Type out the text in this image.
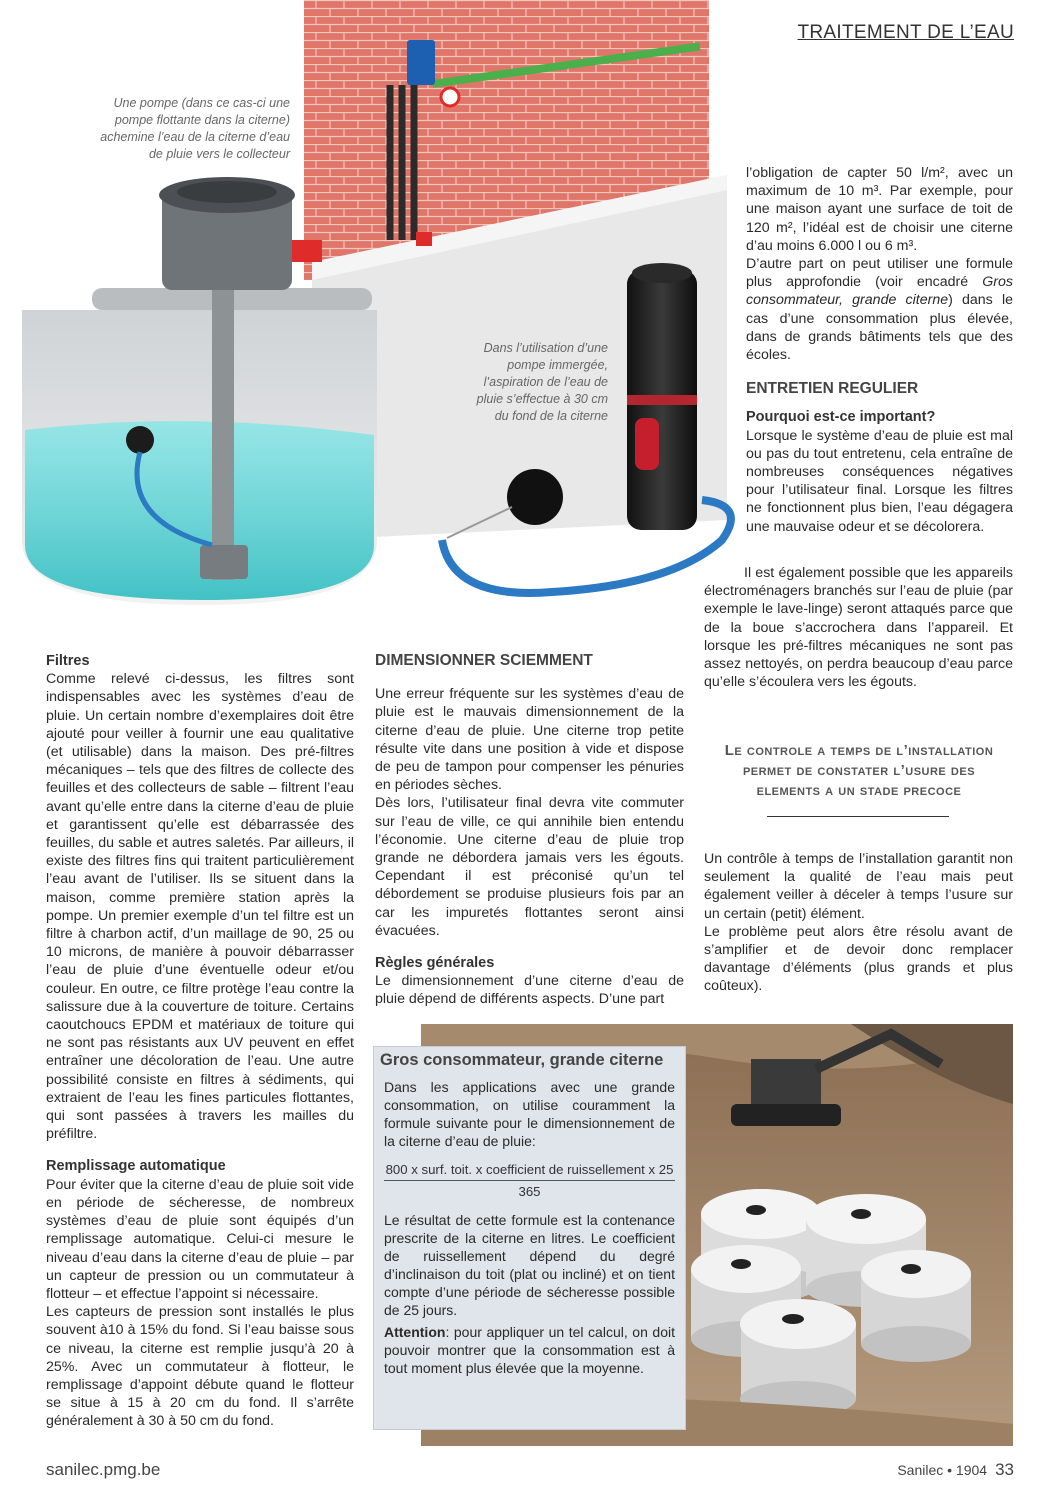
TRAITEMENT DE L’EAU
Une pompe (dans ce cas-ci une pompe flottante dans la citerne) achemine l’eau de la citerne d’eau de pluie vers le collecteur
Dans l’utilisation d’une pompe immergée, l’aspiration de l’eau de pluie s’effectue à 30 cm du fond de la citerne

l’obligation de capter 50 l/m², avec un maximum de 10 m³. Par exemple, pour une maison ayant une surface de toit de 120 m², l’idéal est de choisir une citerne d’au moins 6.000 l ou 6 m³.

D’autre part on peut utiliser une formule plus approfondie (voir encadré Gros consommateur, grande citerne) dans le cas d’une consommation plus élevée, dans de grands bâtiments tels que des écoles.

ENTRETIEN REGULIER
Pourquoi est-ce important?

Lorsque le système d’eau de pluie est mal ou pas du tout entretenu, cela entraîne de nombreuses conséquences négatives pour l’utilisateur final. Lorsque les filtres ne fonctionnent plus bien, l’eau dégagera une mauvaise odeur et se décolorera.

Il est également possible que les appareils électroménagers branchés sur l’eau de pluie (par exemple le lave-linge) seront attaqués parce que de la boue s’accrochera dans l’appareil. Et lorsque les pré-filtres mécaniques ne sont pas assez nettoyés, on perdra beaucoup d’eau parce qu’elle s’écoulera vers les égouts.

Le controle a temps de l’installation permet de constater l’usure des elements a un stade precoce

Un contrôle à temps de l’installation garantit non seulement la qualité de l’eau mais peut également veiller à déceler à temps l’usure sur un certain (petit) élément.

Le problème peut alors être résolu avant de s’amplifier et de devoir donc remplacer davantage d’éléments (plus grands et plus coûteux).

Filtres

Comme relevé ci-dessus, les filtres sont indispensables avec les systèmes d’eau de pluie. Un certain nombre d’exemplaires doit être ajouté pour veiller à fournir une eau qualitative (et utilisable) dans la maison. Des pré-filtres mécaniques – tels que des filtres de collecte des feuilles et des collecteurs de sable – filtrent l’eau avant qu’elle entre dans la citerne d’eau de pluie et garantissent qu’elle est débarrassée des feuilles, du sable et autres saletés. Par ailleurs, il existe des filtres fins qui traitent particulièrement l’eau avant de l’utiliser. Ils se situent dans la maison, comme première station après la pompe. Un premier exemple d’un tel filtre est un filtre à charbon actif, d’un maillage de 90, 25 ou 10 microns, de manière à pouvoir débarrasser l’eau de pluie d’une éventuelle odeur et/ou couleur. En outre, ce filtre protège l’eau contre la salissure due à la couverture de toiture. Certains caoutchoucs EPDM et matériaux de toiture qui ne sont pas résistants aux UV peuvent en effet entraîner une décoloration de l’eau. Une autre possibilité consiste en filtres à sédiments, qui extraient de l’eau les fines particules flottantes, qui sont passées à travers les mailles du préfiltre.

Remplissage automatique

Pour éviter que la citerne d’eau de pluie soit vide en période de sécheresse, de nombreux systèmes d’eau de pluie sont équipés d’un remplissage automatique. Celui-ci mesure le niveau d’eau dans la citerne d’eau de pluie – par un capteur de pression ou un commutateur à flotteur – et effectue l’appoint si nécessaire.

Les capteurs de pression sont installés le plus souvent à10 à 15% du fond. Si l’eau baisse sous ce niveau, la citerne est remplie jusqu’à 20 à 25%. Avec un commutateur à flotteur, le remplissage d’appoint débute quand le flotteur se situe à 15 à 20 cm du fond. Il s’arrête généralement à 30 à 50 cm du fond.

DIMENSIONNER SCIEMMENT

Une erreur fréquente sur les systèmes d’eau de pluie est le mauvais dimensionnement de la citerne d’eau de pluie. Une citerne trop petite résulte vite dans une position à vide et dispose de peu de tampon pour compenser les pénuries en périodes sèches.

Dès lors, l’utilisateur final devra vite commuter sur l’eau de ville, ce qui annihile bien entendu l’économie. Une citerne d’eau de pluie trop grande ne débordera jamais vers les égouts. Cependant il est préconisé qu’un tel débordement se produise plusieurs fois par an car les impuretés flottantes seront ainsi évacuées.

Règles générales

Le dimensionnement d’une citerne d’eau de pluie dépend de différents aspects. D’une part

Gros consommateur, grande citerne

Dans les applications avec une grande consommation, on utilise couramment la formule suivante pour le dimensionnement de la citerne d’eau de pluie:

800 x surf. toit. x coefficient de ruissellement x 25
365

Le résultat de cette formule est la contenance prescrite de la citerne en litres. Le coefficient de ruissellement dépend du degré d’inclinaison du toit (plat ou incliné) et on tient compte d’une période de sécheresse possible de 25 jours.

Attention: pour appliquer un tel calcul, on doit pouvoir montrer que la consommation est à tout moment plus élevée que la moyenne.

sanilec.pmg.be	Sanilec • 1904 33
